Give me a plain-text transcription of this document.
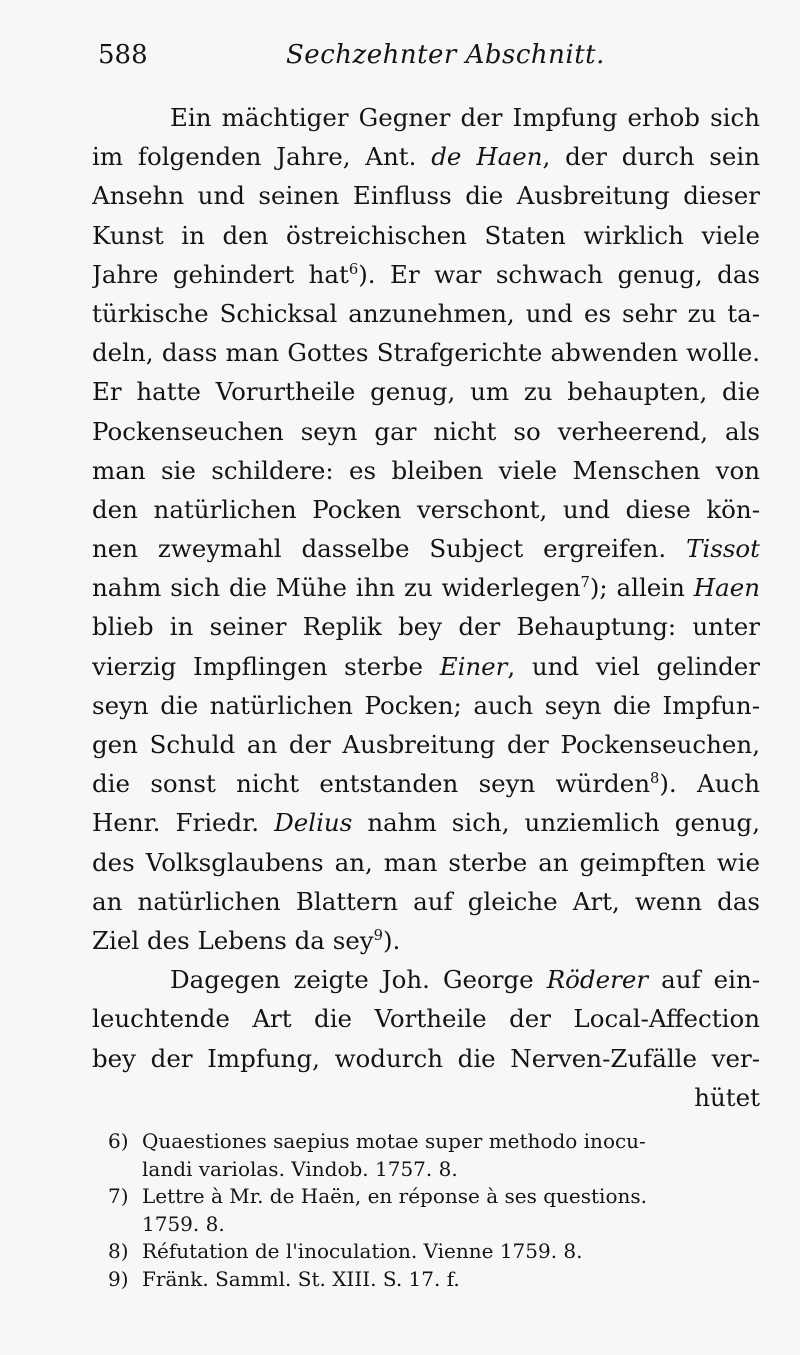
588	Sechzehnter Abschnitt.
Ein mächtiger Gegner der Impfung erhob sich
im folgenden Jahre, Ant. de Haen, der durch sein
Ansehn und seinen Einfluss die Ausbreitung dieser
Kunst in den östreichischen Staten wirklich viele
Jahre gehindert hat$^6$). Er war schwach genug, das
türkische Schicksal anzunehmen, und es sehr zu ta-
deln, dass man Gottes Strafgerichte abwenden wolle.
Er hatte Vorurtheile genug, um zu behaupten, die
Pockenseuchen seyn gar nicht so verheerend, als
man sie schildere: es bleiben viele Menschen von
den natürlichen Pocken verschont, und diese kön-
nen zweymahl dasselbe Subject ergreifen. Tissot
nahm sich die Mühe ihn zu widerlegen$^7$); allein Haen
blieb in seiner Replik bey der Behauptung: unter
vierzig Impflingen sterbe Einer, und viel gelinder
seyn die natürlichen Pocken; auch seyn die Impfun-
gen Schuld an der Ausbreitung der Pockenseuchen,
die sonst nicht entstanden seyn würden$^8$). Auch
Henr. Friedr. Delius nahm sich, unziemlich genug,
des Volksglaubens an, man sterbe an geimpften wie
an natürlichen Blattern auf gleiche Art, wenn das
Ziel des Lebens da sey$^9$).
Dagegen zeigte Joh. George Röderer auf ein-
leuchtende Art die Vortheile der Local-Affection
bey der Impfung, wodurch die Nerven-Zufälle ver-
hütet
6) Quaestiones saepius motae super methodo inocu-
landi variolas. Vindob. 1757. 8.
7) Lettre à Mr. de Haën, en réponse à ses questions.
1759. 8.
8) Réfutation de l'inoculation. Vienne 1759. 8.
9) Fränk. Samml. St. XIII. S. 17. f.
